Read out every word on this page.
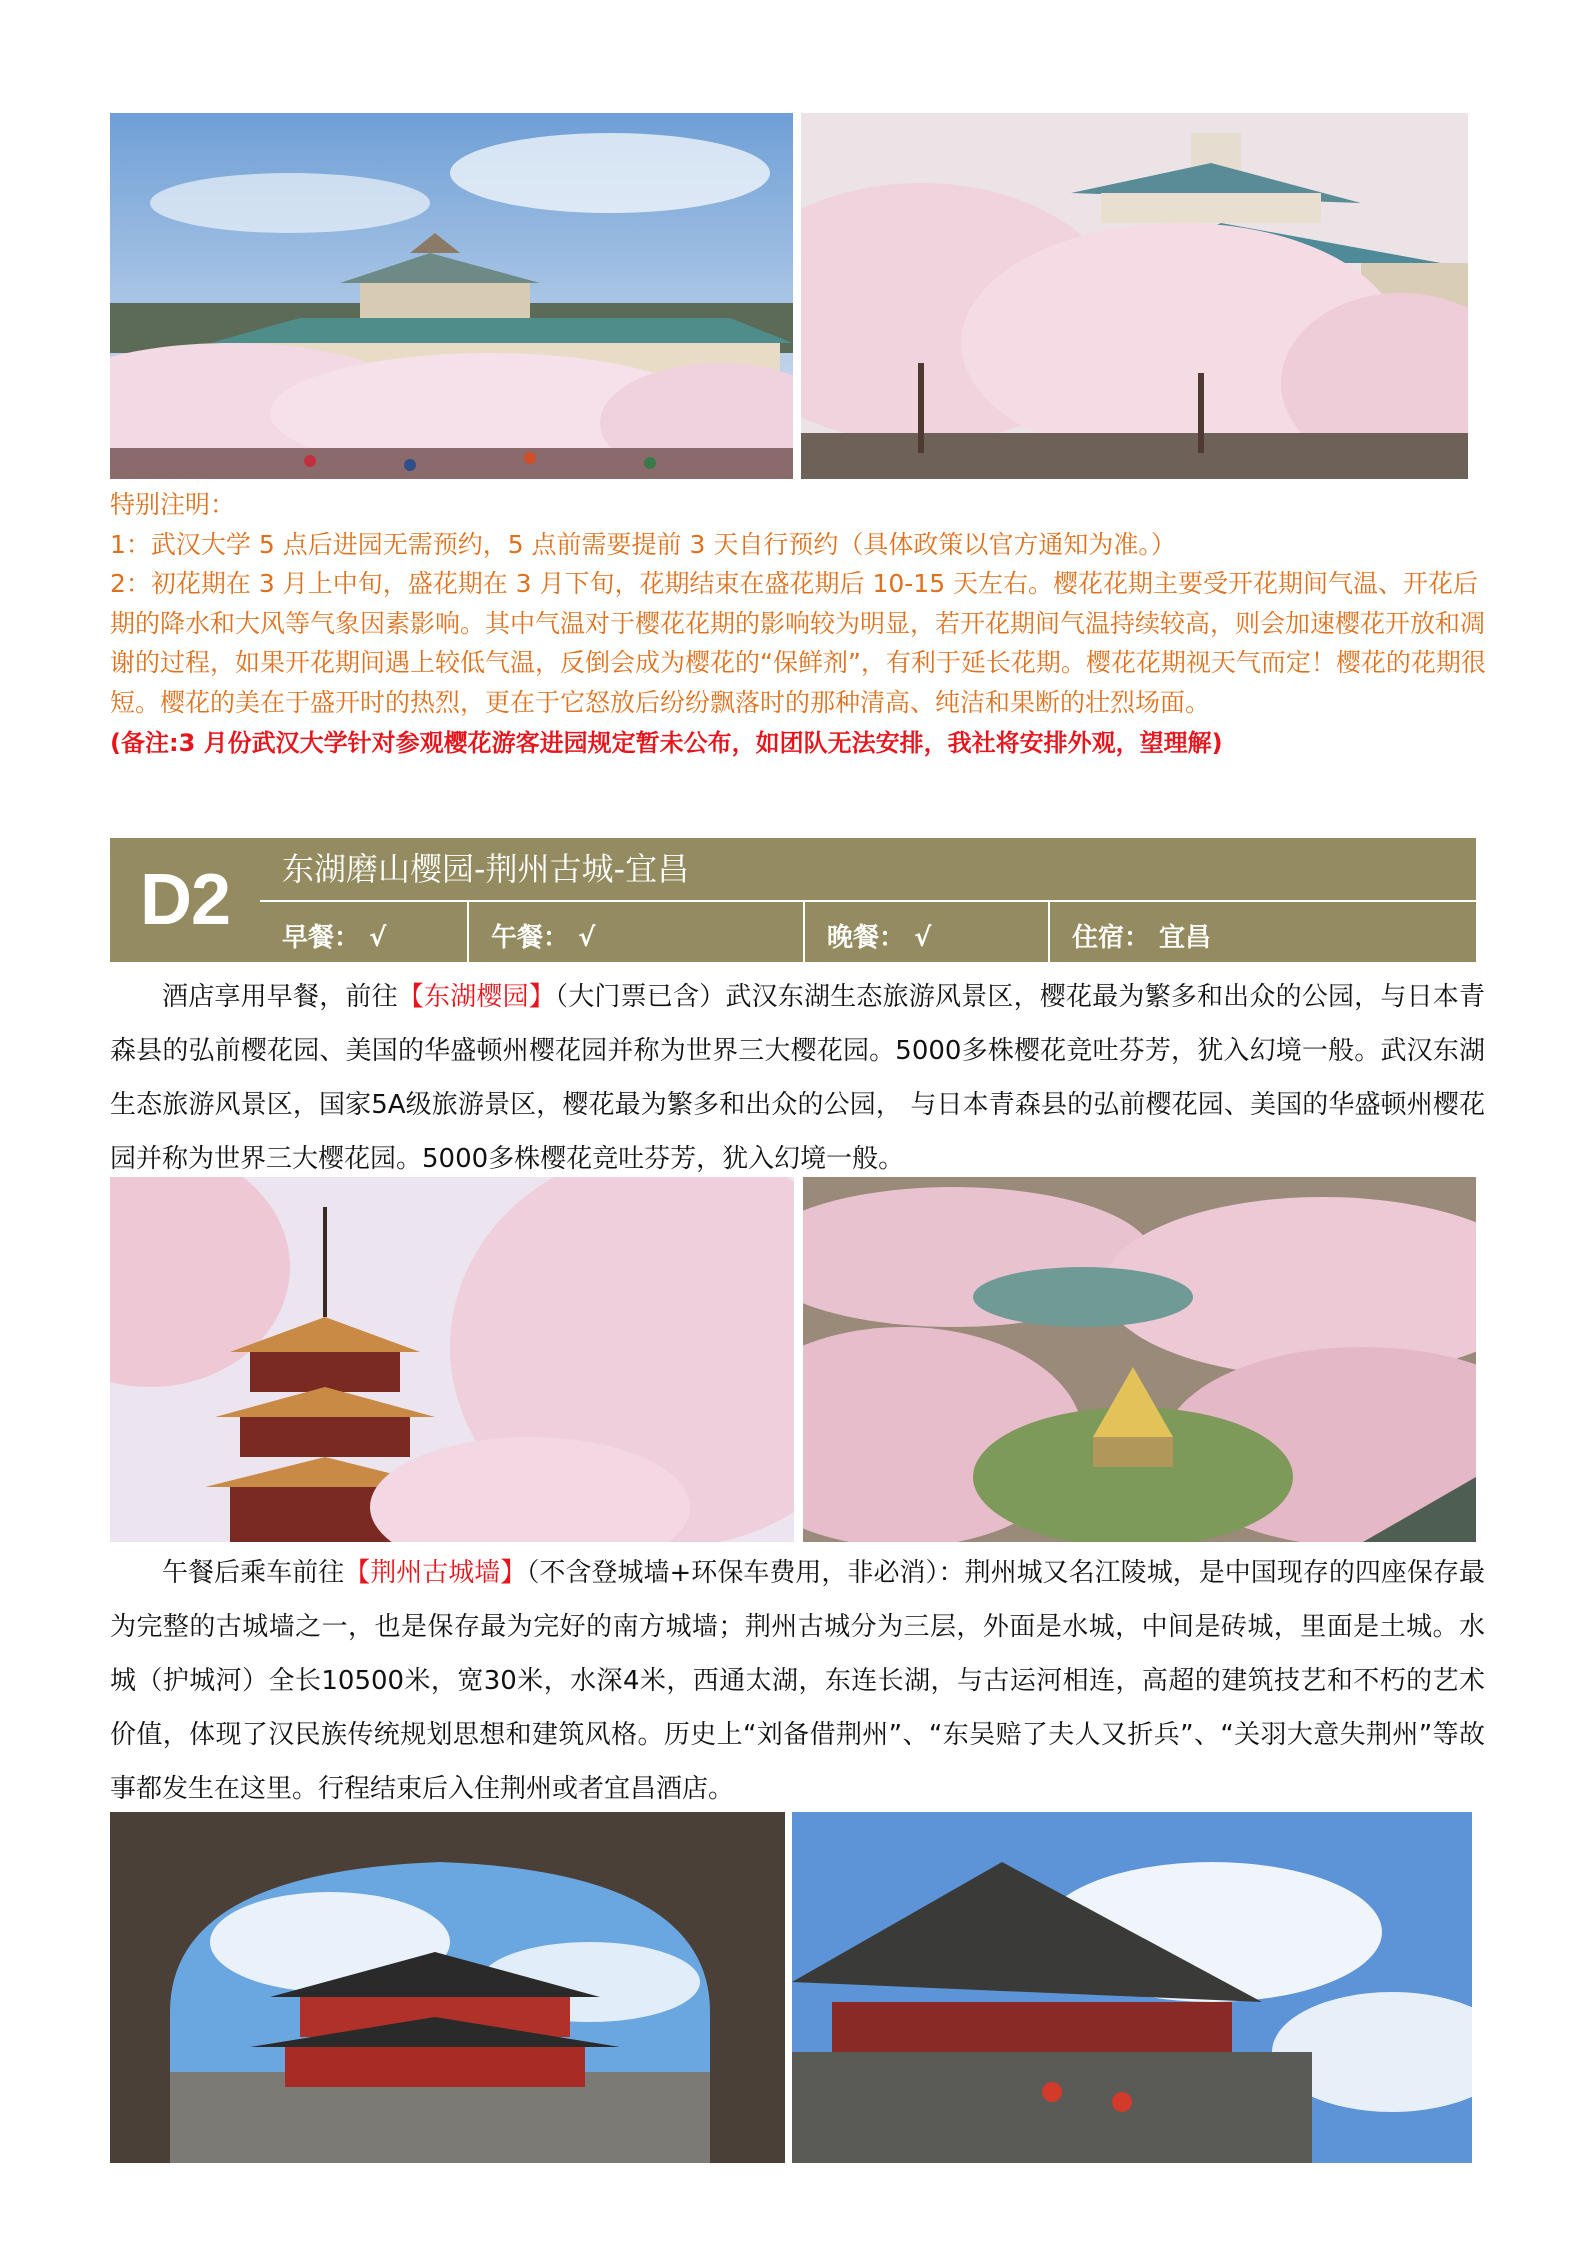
特别注明：

1：武汉大学 5 点后进园无需预约，5 点前需要提前 3 天自行预约（具体政策以官方通知为准。）

2：初花期在 3 月上中旬，盛花期在 3 月下旬，花期结束在盛花期后 10-15 天左右。樱花花期主要受开花期间气温、开花后期的降水和大风等气象因素影响。其中气温对于樱花花期的影响较为明显，若开花期间气温持续较高，则会加速樱花开放和凋谢的过程，如果开花期间遇上较低气温，反倒会成为樱花的“保鲜剂”，有利于延长花期。樱花花期视天气而定！樱花的花期很短。樱花的美在于盛开时的热烈，更在于它怒放后纷纷飘落时的那种清高、纯洁和果断的壮烈场面。

(备注:3 月份武汉大学针对参观樱花游客进园规定暂未公布，如团队无法安排，我社将安排外观，望理解)

D2	东湖磨山樱园-荆州古城-宜昌
早餐： √	午餐： √	晚餐： √	住宿： 宜昌

酒店享用早餐，前往【东湖樱园】（大门票已含）武汉东湖生态旅游风景区，樱花最为繁多和出众的公园，与日本青森县的弘前樱花园、美国的华盛顿州樱花园并称为世界三大樱花园。5000多株樱花竞吐芬芳，犹入幻境一般。武汉东湖生态旅游风景区，国家5A级旅游景区，樱花最为繁多和出众的公园， 与日本青森县的弘前樱花园、美国的华盛顿州樱花园并称为世界三大樱花园。5000多株樱花竞吐芬芳，犹入幻境一般。

午餐后乘车前往【荆州古城墙】（不含登城墙+环保车费用，非必消）：荆州城又名江陵城，是中国现存的四座保存最为完整的古城墙之一，也是保存最为完好的南方城墙；荆州古城分为三层，外面是水城，中间是砖城，里面是土城。水城（护城河）全长10500米，宽30米，水深4米，西通太湖，东连长湖，与古运河相连，高超的建筑技艺和不朽的艺术价值，体现了汉民族传统规划思想和建筑风格。历史上“刘备借荆州”、“东吴赔了夫人又折兵”、“关羽大意失荆州”等故事都发生在这里。行程结束后入住荆州或者宜昌酒店。
